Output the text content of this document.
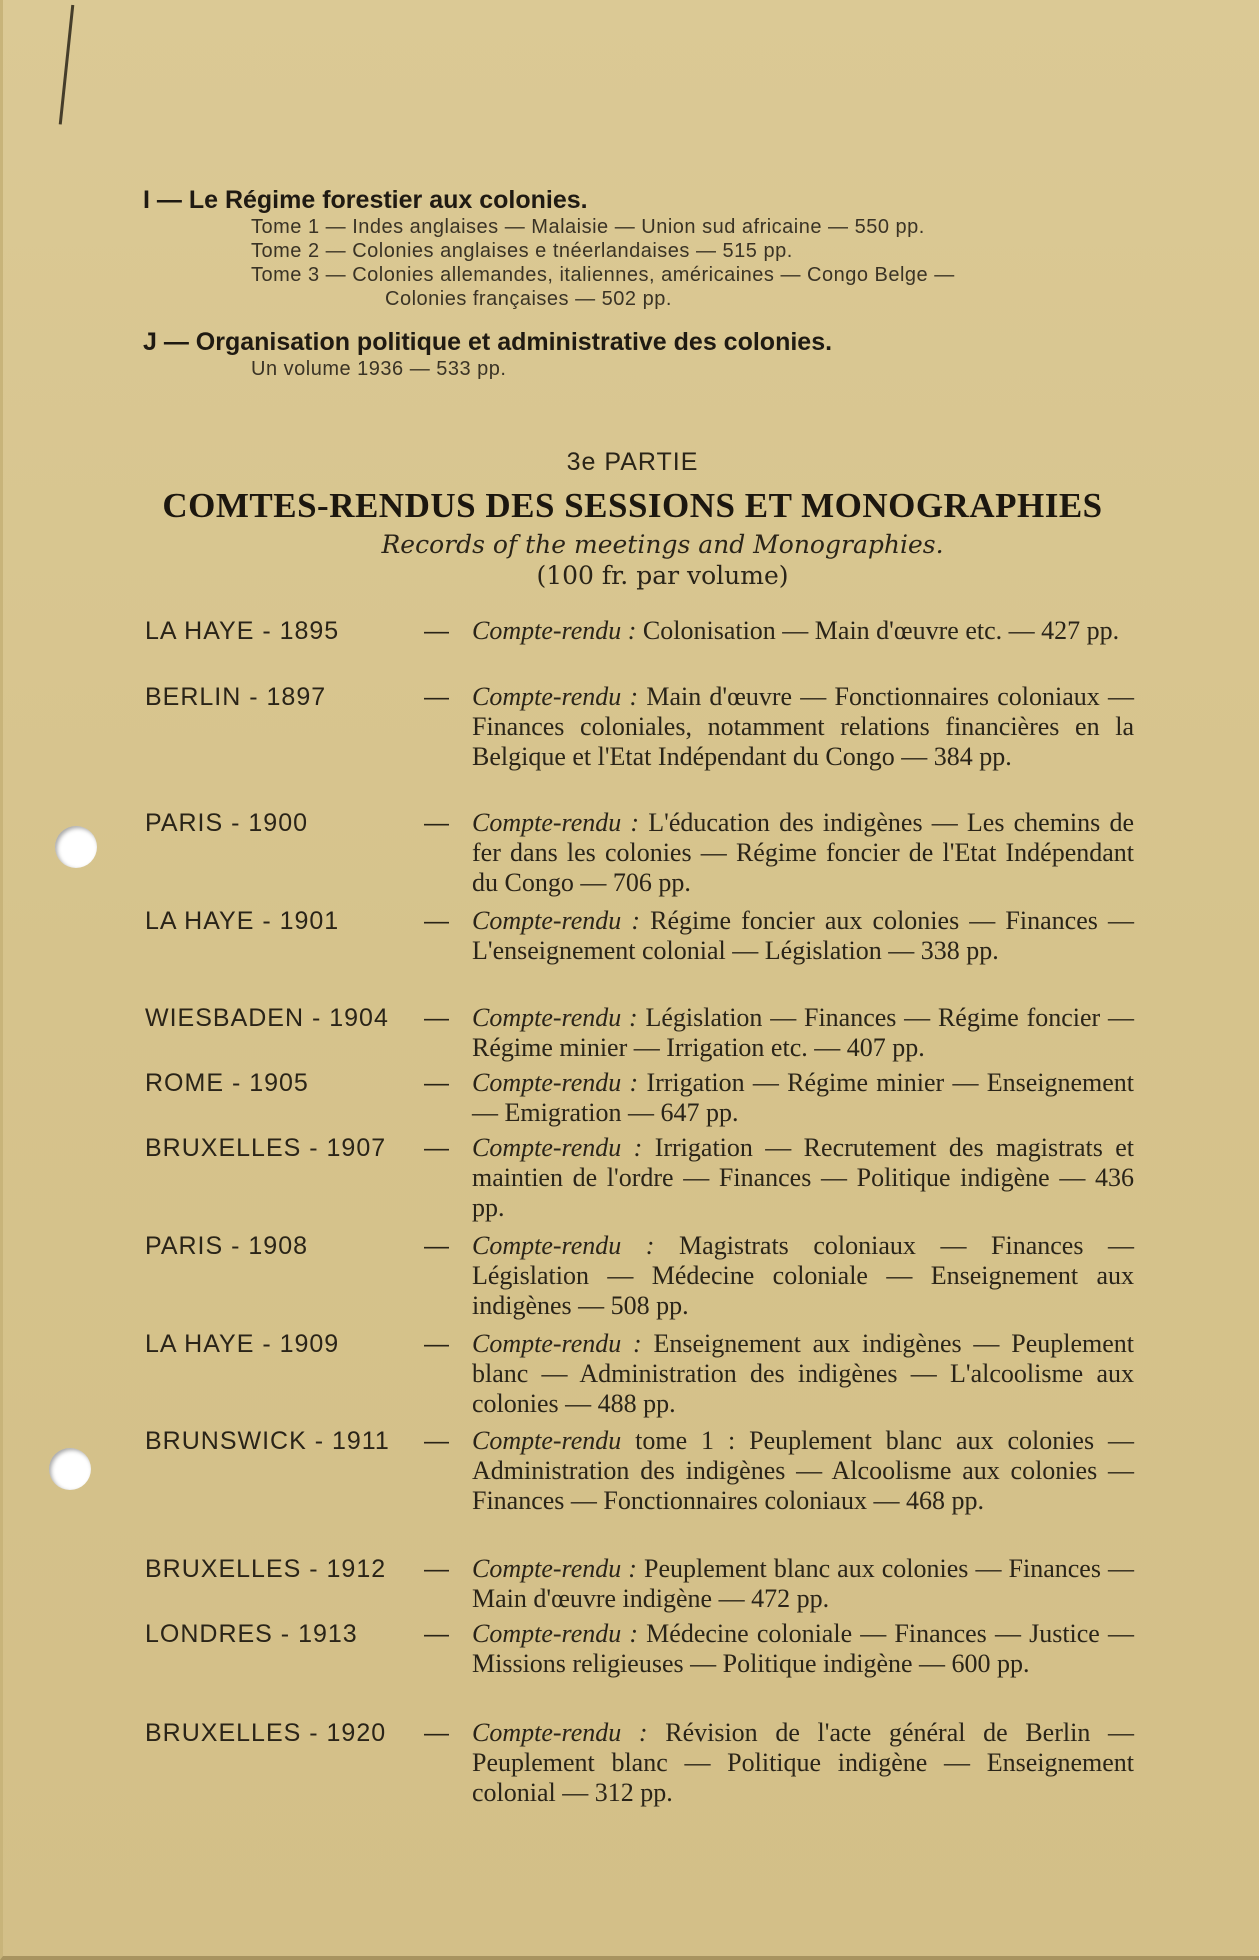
I — Le Régime forestier aux colonies.
Tome 1 — Indes anglaises — Malaisie — Union sud africaine — 550 pp.
Tome 2 — Colonies anglaises e tnéerlandaises — 515 pp.
Tome 3 — Colonies allemandes, italiennes, américaines — Congo Belge —
Colonies françaises — 502 pp.
J — Organisation politique et administrative des colonies.
Un volume 1936 — 533 pp.
3e PARTIE
COMTES-RENDUS DES SESSIONS ET MONOGRAPHIES
Records of the meetings and Monographies.
(100 fr. par volume)
LA HAYE - 1895	— Compte-rendu : Colonisation — Main d'œuvre etc. — 427 pp.
BERLIN - 1897	— Compte-rendu : Main d'œuvre — Fonctionnaires coloniaux — Finances coloniales, notamment relations financières en la Belgique et l'Etat Indépendant du Congo — 384 pp.
PARIS - 1900	— Compte-rendu : L'éducation des indigènes — Les chemins de fer dans les colonies — Régime foncier de l'Etat Indépendant du Congo — 706 pp.
LA HAYE - 1901	— Compte-rendu : Régime foncier aux colonies — Finances — L'enseignement colonial — Législation — 338 pp.
WIESBADEN - 1904	— Compte-rendu : Législation — Finances — Régime foncier — Régime minier — Irrigation etc. — 407 pp.
ROME - 1905	— Compte-rendu : Irrigation — Régime minier — Enseignement — Emigration — 647 pp.
BRUXELLES - 1907	— Compte-rendu : Irrigation — Recrutement des magistrats et maintien de l'ordre — Finances — Politique indigène — 436 pp.
PARIS - 1908	— Compte-rendu : Magistrats coloniaux — Finances — Législation — Médecine coloniale — Enseignement aux indigènes — 508 pp.
LA HAYE - 1909	— Compte-rendu : Enseignement aux indigènes — Peuplement blanc — Administration des indigènes — L'alcoolisme aux colonies — 488 pp.
BRUNSWICK - 1911	— Compte-rendu tome 1 : Peuplement blanc aux colonies — Administration des indigènes — Alcoolisme aux colonies — Finances — Fonctionnaires coloniaux — 468 pp.
BRUXELLES - 1912	— Compte-rendu : Peuplement blanc aux colonies — Finances — Main d'œuvre indigène — 472 pp.
LONDRES - 1913	— Compte-rendu : Médecine coloniale — Finances — Justice — Missions religieuses — Politique indigène — 600 pp.
BRUXELLES - 1920	— Compte-rendu : Révision de l'acte général de Berlin — Peuplement blanc — Politique indigène — Enseignement colonial — 312 pp.
